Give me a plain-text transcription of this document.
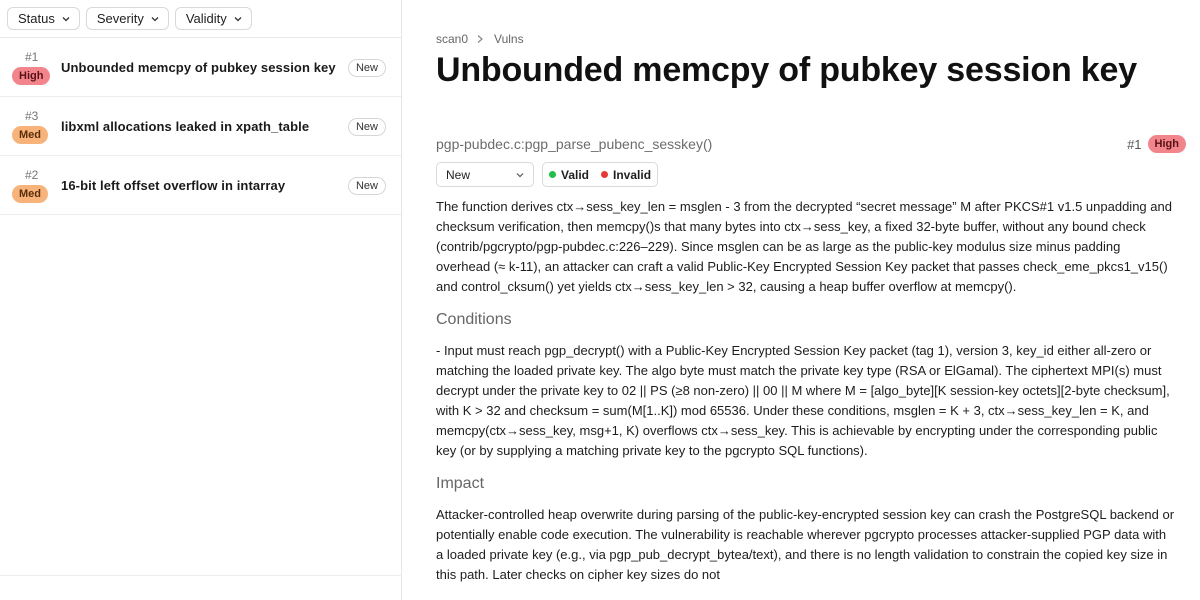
Status	Severity	Validity
#1
High
Unbounded memcpy of pubkey session key	New
#3
Med
libxml allocations leaked in xpath_table	New
#2
Med
16-bit left offset overflow in intarray	New
scan0 Vulns
Unbounded memcpy of pubkey session key
pgp-pubdec.c:pgp_parse_pubenc_sesskey()	#1	High
New	Valid Invalid

The function derives ctx→sess_key_len = msglen - 3 from the decrypted “secret message” M after PKCS#1 v1.5 unpadding and checksum verification, then memcpy()s that many bytes into ctx→sess_key, a fixed 32-byte buffer, without any bound check (contrib/pgcrypto/pgp-pubdec.c:226–229). Since msglen can be as large as the public-key modulus size minus padding overhead (≈ k-11), an attacker can craft a valid Public-Key Encrypted Session Key packet that passes check_eme_pkcs1_v15() and control_cksum() yet yields ctx→sess_key_len > 32, causing a heap buffer overflow at memcpy().

Conditions

- Input must reach pgp_decrypt() with a Public-Key Encrypted Session Key packet (tag 1), version 3, key_id either all-zero or matching the loaded private key. The algo byte must match the private key type (RSA or ElGamal). The ciphertext MPI(s) must decrypt under the private key to 02 || PS (≥8 non-zero) || 00 || M where M = [algo_byte][K session-key octets][2-byte checksum], with K > 32 and checksum = sum(M[1..K]) mod 65536. Under these conditions, msglen = K + 3, ctx→sess_key_len = K, and memcpy(ctx→sess_key, msg+1, K) overflows ctx→sess_key. This is achievable by encrypting under the corresponding public key (or by supplying a matching private key to the pgcrypto SQL functions).

Impact

Attacker-controlled heap overwrite during parsing of the public-key-encrypted session key can crash the PostgreSQL backend or potentially enable code execution. The vulnerability is reachable wherever pgcrypto processes attacker-supplied PGP data with a loaded private key (e.g., via pgp_pub_decrypt_bytea/text), and there is no length validation to constrain the copied key size in this path. Later checks on cipher key sizes do not
